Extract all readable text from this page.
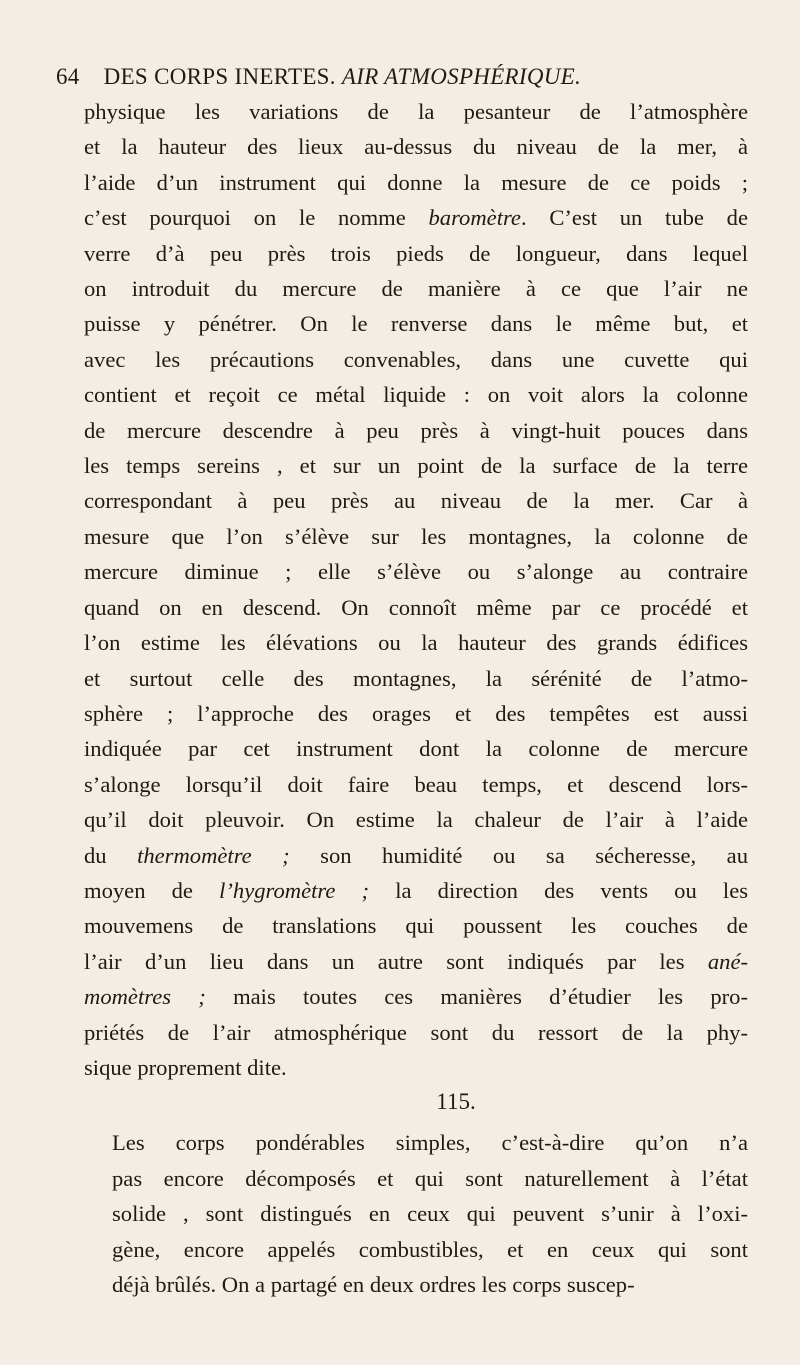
64 DES CORPS INERTES. AIR ATMOSPHÉRIQUE.

physique les variations de la pesanteur de l’atmosphère
et la hauteur des lieux au-dessus du niveau de la mer, à
l’aide d’un instrument qui donne la mesure de ce poids ;
c’est pourquoi on le nomme baromètre. C’est un tube de
verre d’à peu près trois pieds de longueur, dans lequel
on introduit du mercure de manière à ce que l’air ne
puisse y pénétrer. On le renverse dans le même but, et
avec les précautions convenables, dans une cuvette qui
contient et reçoit ce métal liquide : on voit alors la colonne
de mercure descendre à peu près à vingt-huit pouces dans
les temps sereins , et sur un point de la surface de la terre
correspondant à peu près au niveau de la mer. Car à
mesure que l’on s’élève sur les montagnes, la colonne de
mercure diminue ; elle s’élève ou s’alonge au contraire
quand on en descend. On connoît même par ce procédé et
l’on estime les élévations ou la hauteur des grands édifices
et surtout celle des montagnes, la sérénité de l’atmo-
sphère ; l’approche des orages et des tempêtes est aussi
indiquée par cet instrument dont la colonne de mercure
s’alonge lorsqu’il doit faire beau temps, et descend lors-
qu’il doit pleuvoir. On estime la chaleur de l’air à l’aide
du thermomètre ; son humidité ou sa sécheresse, au
moyen de l’hygromètre ; la direction des vents ou les
mouvemens de translations qui poussent les couches de
l’air d’un lieu dans un autre sont indiqués par les ané-
momètres ; mais toutes ces manières d’étudier les pro-
priétés de l’air atmosphérique sont du ressort de la phy-
sique proprement dite.

115.

Les corps pondérables simples, c’est-à-dire qu’on n’a
pas encore décomposés et qui sont naturellement à l’état
solide , sont distingués en ceux qui peuvent s’unir à l’oxi-
gène, encore appelés combustibles, et en ceux qui sont
déjà brûlés. On a partagé en deux ordres les corps suscep-
